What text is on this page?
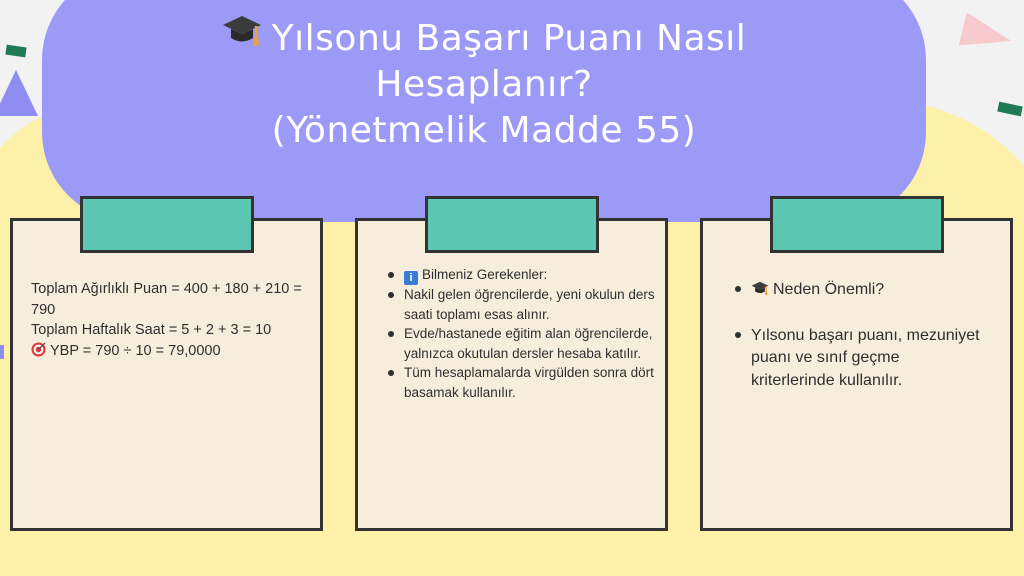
Yılsonu Başarı Puanı Nasıl
Hesaplanır?
(Yönetmelik Madde 55)
Toplam Ağırlıklı Puan = 400 + 180 + 210 = 790
Toplam Haftalık Saat = 5 + 2 + 3 = 10
YBP = 790 ÷ 10 = 79,0000
i Bilmeniz Gerekenler:
Nakil gelen öğrencilerde, yeni okulun ders saati toplamı esas alınır.
Evde/hastanede eğitim alan öğrencilerde, yalnızca okutulan dersler hesaba katılır.
Tüm hesaplamalarda virgülden sonra dört basamak kullanılır.
Neden Önemli?
Yılsonu başarı puanı, mezuniyet puanı ve sınıf geçme kriterlerinde kullanılır.
